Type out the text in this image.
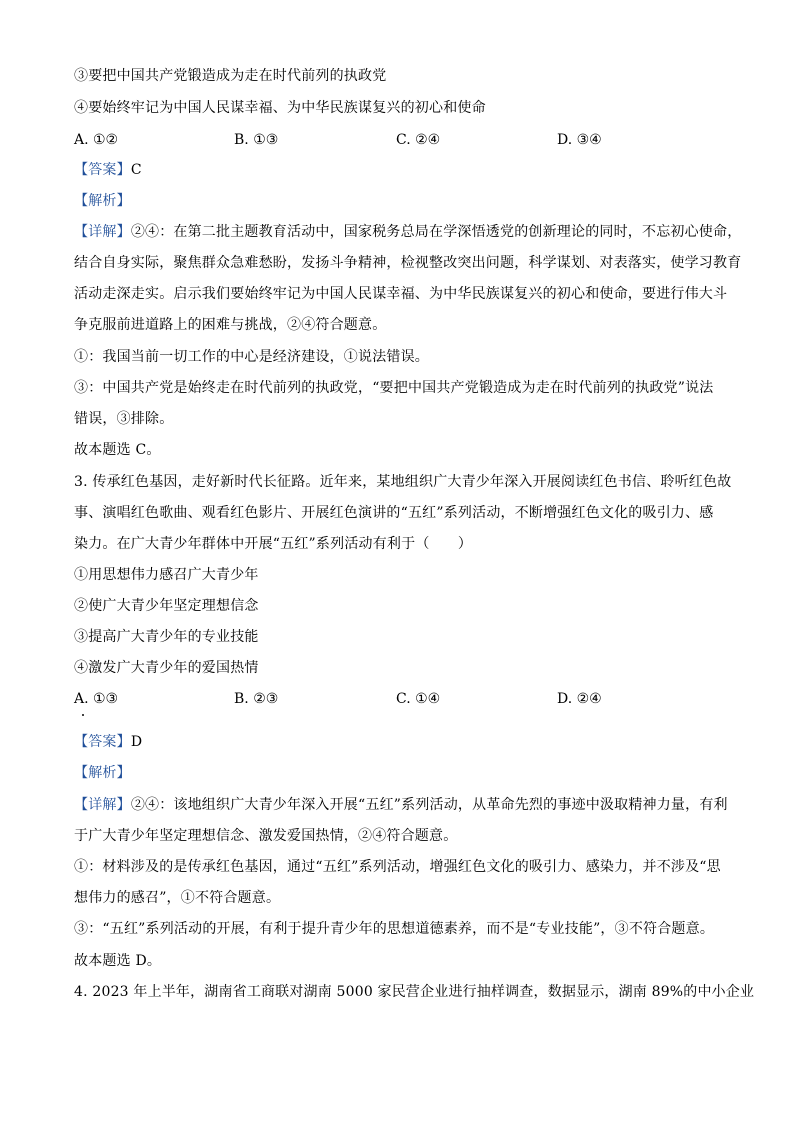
③要把中国共产党锻造成为走在时代前列的执政党
④要始终牢记为中国人民谋幸福、为中华民族谋复兴的初心和使命
A. ①②	B. ①③	C. ②④	D. ③④
【答案】C
【解析】
【详解】②④：在第二批主题教育活动中，国家税务总局在学深悟透党的创新理论的同时，不忘初心使命，
结合自身实际，聚焦群众急难愁盼，发扬斗争精神，检视整改突出问题，科学谋划、对表落实，使学习教育
活动走深走实。启示我们要始终牢记为中国人民谋幸福、为中华民族谋复兴的初心和使命，要进行伟大斗
争克服前进道路上的困难与挑战，②④符合题意。
①：我国当前一切工作的中心是经济建设，①说法错误。
③：中国共产党是始终走在时代前列的执政党，“要把中国共产党锻造成为走在时代前列的执政党”说法
错误，③排除。
故本题选 C。
3. 传承红色基因，走好新时代长征路。近年来，某地组织广大青少年深入开展阅读红色书信、聆听红色故
事、演唱红色歌曲、观看红色影片、开展红色演讲的“五红”系列活动，不断增强红色文化的吸引力、感
染力。在广大青少年群体中开展“五红”系列活动有利于（　　）
①用思想伟力感召广大青少年
②使广大青少年坚定理想信念
③提高广大青少年的专业技能
④激发广大青少年的爱国热情
A. ①③	B. ②③	C. ①④	D. ②④
【答案】D
【解析】
【详解】②④：该地组织广大青少年深入开展“五红”系列活动，从革命先烈的事迹中汲取精神力量，有利
于广大青少年坚定理想信念、激发爱国热情，②④符合题意。
①：材料涉及的是传承红色基因，通过“五红”系列活动，增强红色文化的吸引力、感染力，并不涉及“思
想伟力的感召”，①不符合题意。
③：“五红”系列活动的开展，有利于提升青少年的思想道德素养，而不是“专业技能”，③不符合题意。
故本题选 D。
4. 2023 年上半年，湖南省工商联对湖南 5000 家民营企业进行抽样调查，数据显示，湖南 89%的中小企业
